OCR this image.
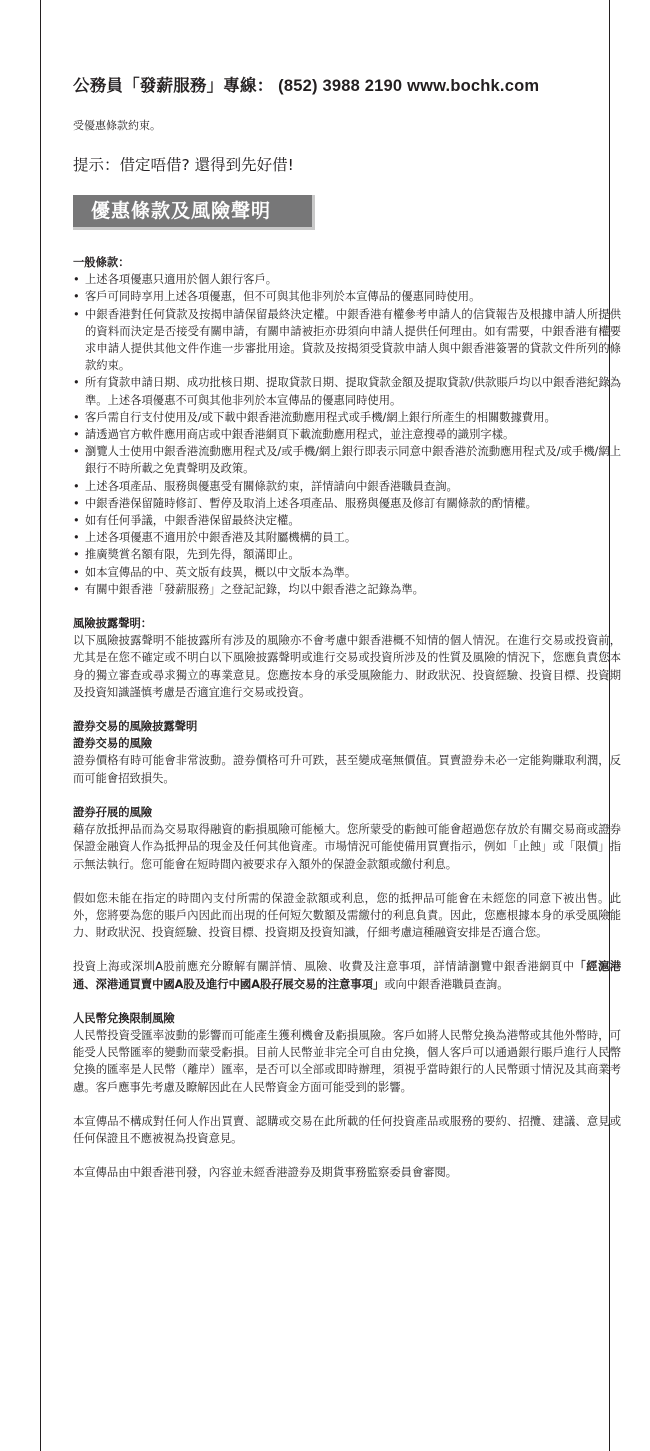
公務員「發薪服務」專線： (852) 3988 2190 www.bochk.com
受優惠條款約束。
提示：借定唔借? 還得到先好借!
優惠條款及風險聲明

一般條款：

• 上述各項優惠只適用於個人銀行客戶。
• 客戶可同時享用上述各項優惠，但不可與其他非列於本宣傳品的優惠同時使用。
• 中銀香港對任何貸款及按揭申請保留最終決定權。中銀香港有權參考申請人的信貸報告及根據申請人所提供的資料而決定是否接受有關申請，有關申請被拒亦毋須向申請人提供任何理由。如有需要，中銀香港有權要求申請人提供其他文件作進一步審批用途。貸款及按揭須受貸款申請人與中銀香港簽署的貸款文件所列的條款約束。
• 所有貸款申請日期、成功批核日期、提取貸款日期、提取貸款金額及提取貸款/供款賬戶均以中銀香港紀錄為準。上述各項優惠不可與其他非列於本宣傳品的優惠同時使用。
• 客戶需自行支付使用及/或下載中銀香港流動應用程式或手機/網上銀行所產生的相關數據費用。
• 請透過官方軟件應用商店或中銀香港網頁下載流動應用程式，並注意搜尋的識別字樣。
• 瀏覽人士使用中銀香港流動應用程式及/或手機/網上銀行即表示同意中銀香港於流動應用程式及/或手機/網上銀行不時所載之免責聲明及政策。
• 上述各項產品、服務與優惠受有關條款約束，詳情請向中銀香港職員查詢。
• 中銀香港保留隨時修訂、暫停及取消上述各項產品、服務與優惠及修訂有關條款的酌情權。
• 如有任何爭議，中銀香港保留最終決定權。
• 上述各項優惠不適用於中銀香港及其附屬機構的員工。
• 推廣獎賞名額有限，先到先得，額滿即止。
• 如本宣傳品的中、英文版有歧異，概以中文版本為準。
• 有關中銀香港「發薪服務」之登記記錄，均以中銀香港之記錄為準。

風險披露聲明：

以下風險披露聲明不能披露所有涉及的風險亦不會考慮中銀香港概不知情的個人情況。在進行交易或投資前，尤其是在您不確定或不明白以下風險披露聲明或進行交易或投資所涉及的性質及風險的情況下，您應負責您本身的獨立審查或尋求獨立的專業意見。您應按本身的承受風險能力、財政狀況、投資經驗、投資目標、投資期及投資知識謹慎考慮是否適宜進行交易或投資。

證券交易的風險披露聲明

證券交易的風險

證券價格有時可能會非常波動。證券價格可升可跌，甚至變成毫無價值。買賣證券未必一定能夠賺取利潤，反而可能會招致損失。

證券孖展的風險

藉存放抵押品而為交易取得融資的虧損風險可能極大。您所蒙受的虧蝕可能會超過您存放於有關交易商或證券保證金融資人作為抵押品的現金及任何其他資產。市場情況可能使備用買賣指示，例如「止蝕」或「限價」指示無法執行。您可能會在短時間內被要求存入額外的保證金款額或繳付利息。

假如您未能在指定的時間內支付所需的保證金款額或利息，您的抵押品可能會在未經您的同意下被出售。此外，您將要為您的賬戶內因此而出現的任何短欠數額及需繳付的利息負責。因此，您應根據本身的承受風險能力、財政狀況、投資經驗、投資目標、投資期及投資知識，仔細考慮這種融資安排是否適合您。

投資上海或深圳A股前應充分瞭解有關詳情、風險、收費及注意事項，詳情請瀏覽中銀香港網頁中「經滬港通、深港通買賣中國A股及進行中國A股孖展交易的注意事項」或向中銀香港職員查詢。

人民幣兌換限制風險

人民幣投資受匯率波動的影響而可能產生獲利機會及虧損風險。客戶如將人民幣兌換為港幣或其他外幣時，可能受人民幣匯率的變動而蒙受虧損。目前人民幣並非完全可自由兌換，個人客戶可以通過銀行賬戶進行人民幣兌換的匯率是人民幣（離岸）匯率，是否可以全部或即時辦理，須視乎當時銀行的人民幣頭寸情況及其商業考慮。客戶應事先考慮及瞭解因此在人民幣資金方面可能受到的影響。

本宣傳品不構成對任何人作出買賣、認購或交易在此所載的任何投資產品或服務的要約、招攬、建議、意見或任何保證且不應被視為投資意見。

本宣傳品由中銀香港刊發，內容並未經香港證券及期貨事務監察委員會審閱。
